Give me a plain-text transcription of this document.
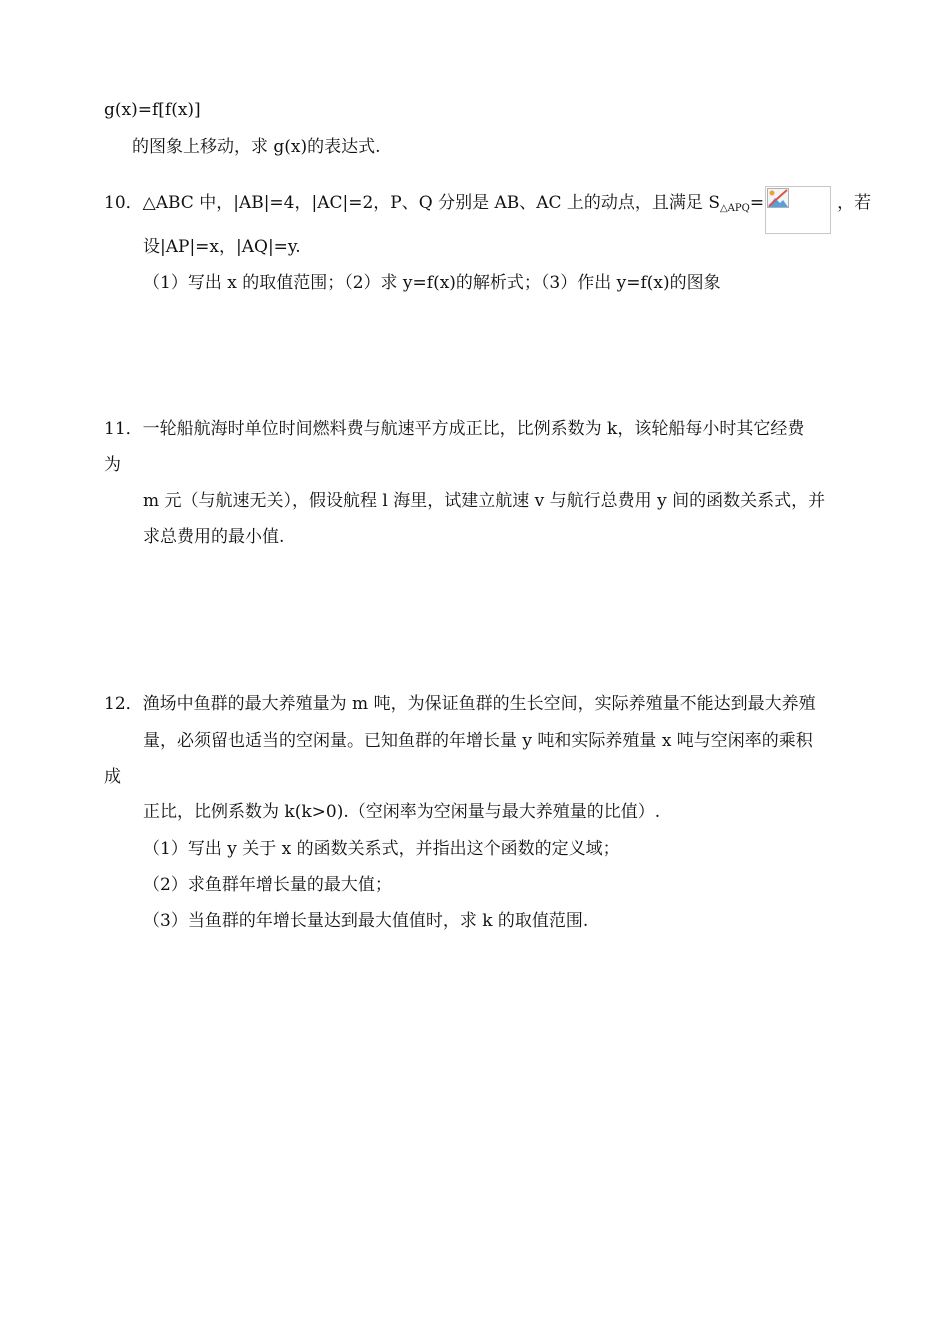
g(x)=f[f(x)]
的图象上移动，求 g(x)的表达式.
10．△ABC 中，|AB|=4，|AC|=2，P、Q 分别是 AB、AC 上的动点，且满足 $S_{\triangle APQ}=$	，若
设|AP|=x，|AQ|=y.
（1）写出 x 的取值范围；（2）求 y=f(x)的解析式；（3）作出 y=f(x)的图象
11．一轮船航海时单位时间燃料费与航速平方成正比，比例系数为 k，该轮船每小时其它经费
为
m 元（与航速无关），假设航程 l 海里，试建立航速 v 与航行总费用 y 间的函数关系式，并
求总费用的最小值.
12．渔场中鱼群的最大养殖量为 m 吨，为保证鱼群的生长空间，实际养殖量不能达到最大养殖
量，必须留也适当的空闲量。已知鱼群的年增长量 y 吨和实际养殖量 x 吨与空闲率的乘积
成
正比，比例系数为 k(k>0).（空闲率为空闲量与最大养殖量的比值）.
（1）写出 y 关于 x 的函数关系式，并指出这个函数的定义域；
（2）求鱼群年增长量的最大值；
（3）当鱼群的年增长量达到最大值值时，求 k 的取值范围.
